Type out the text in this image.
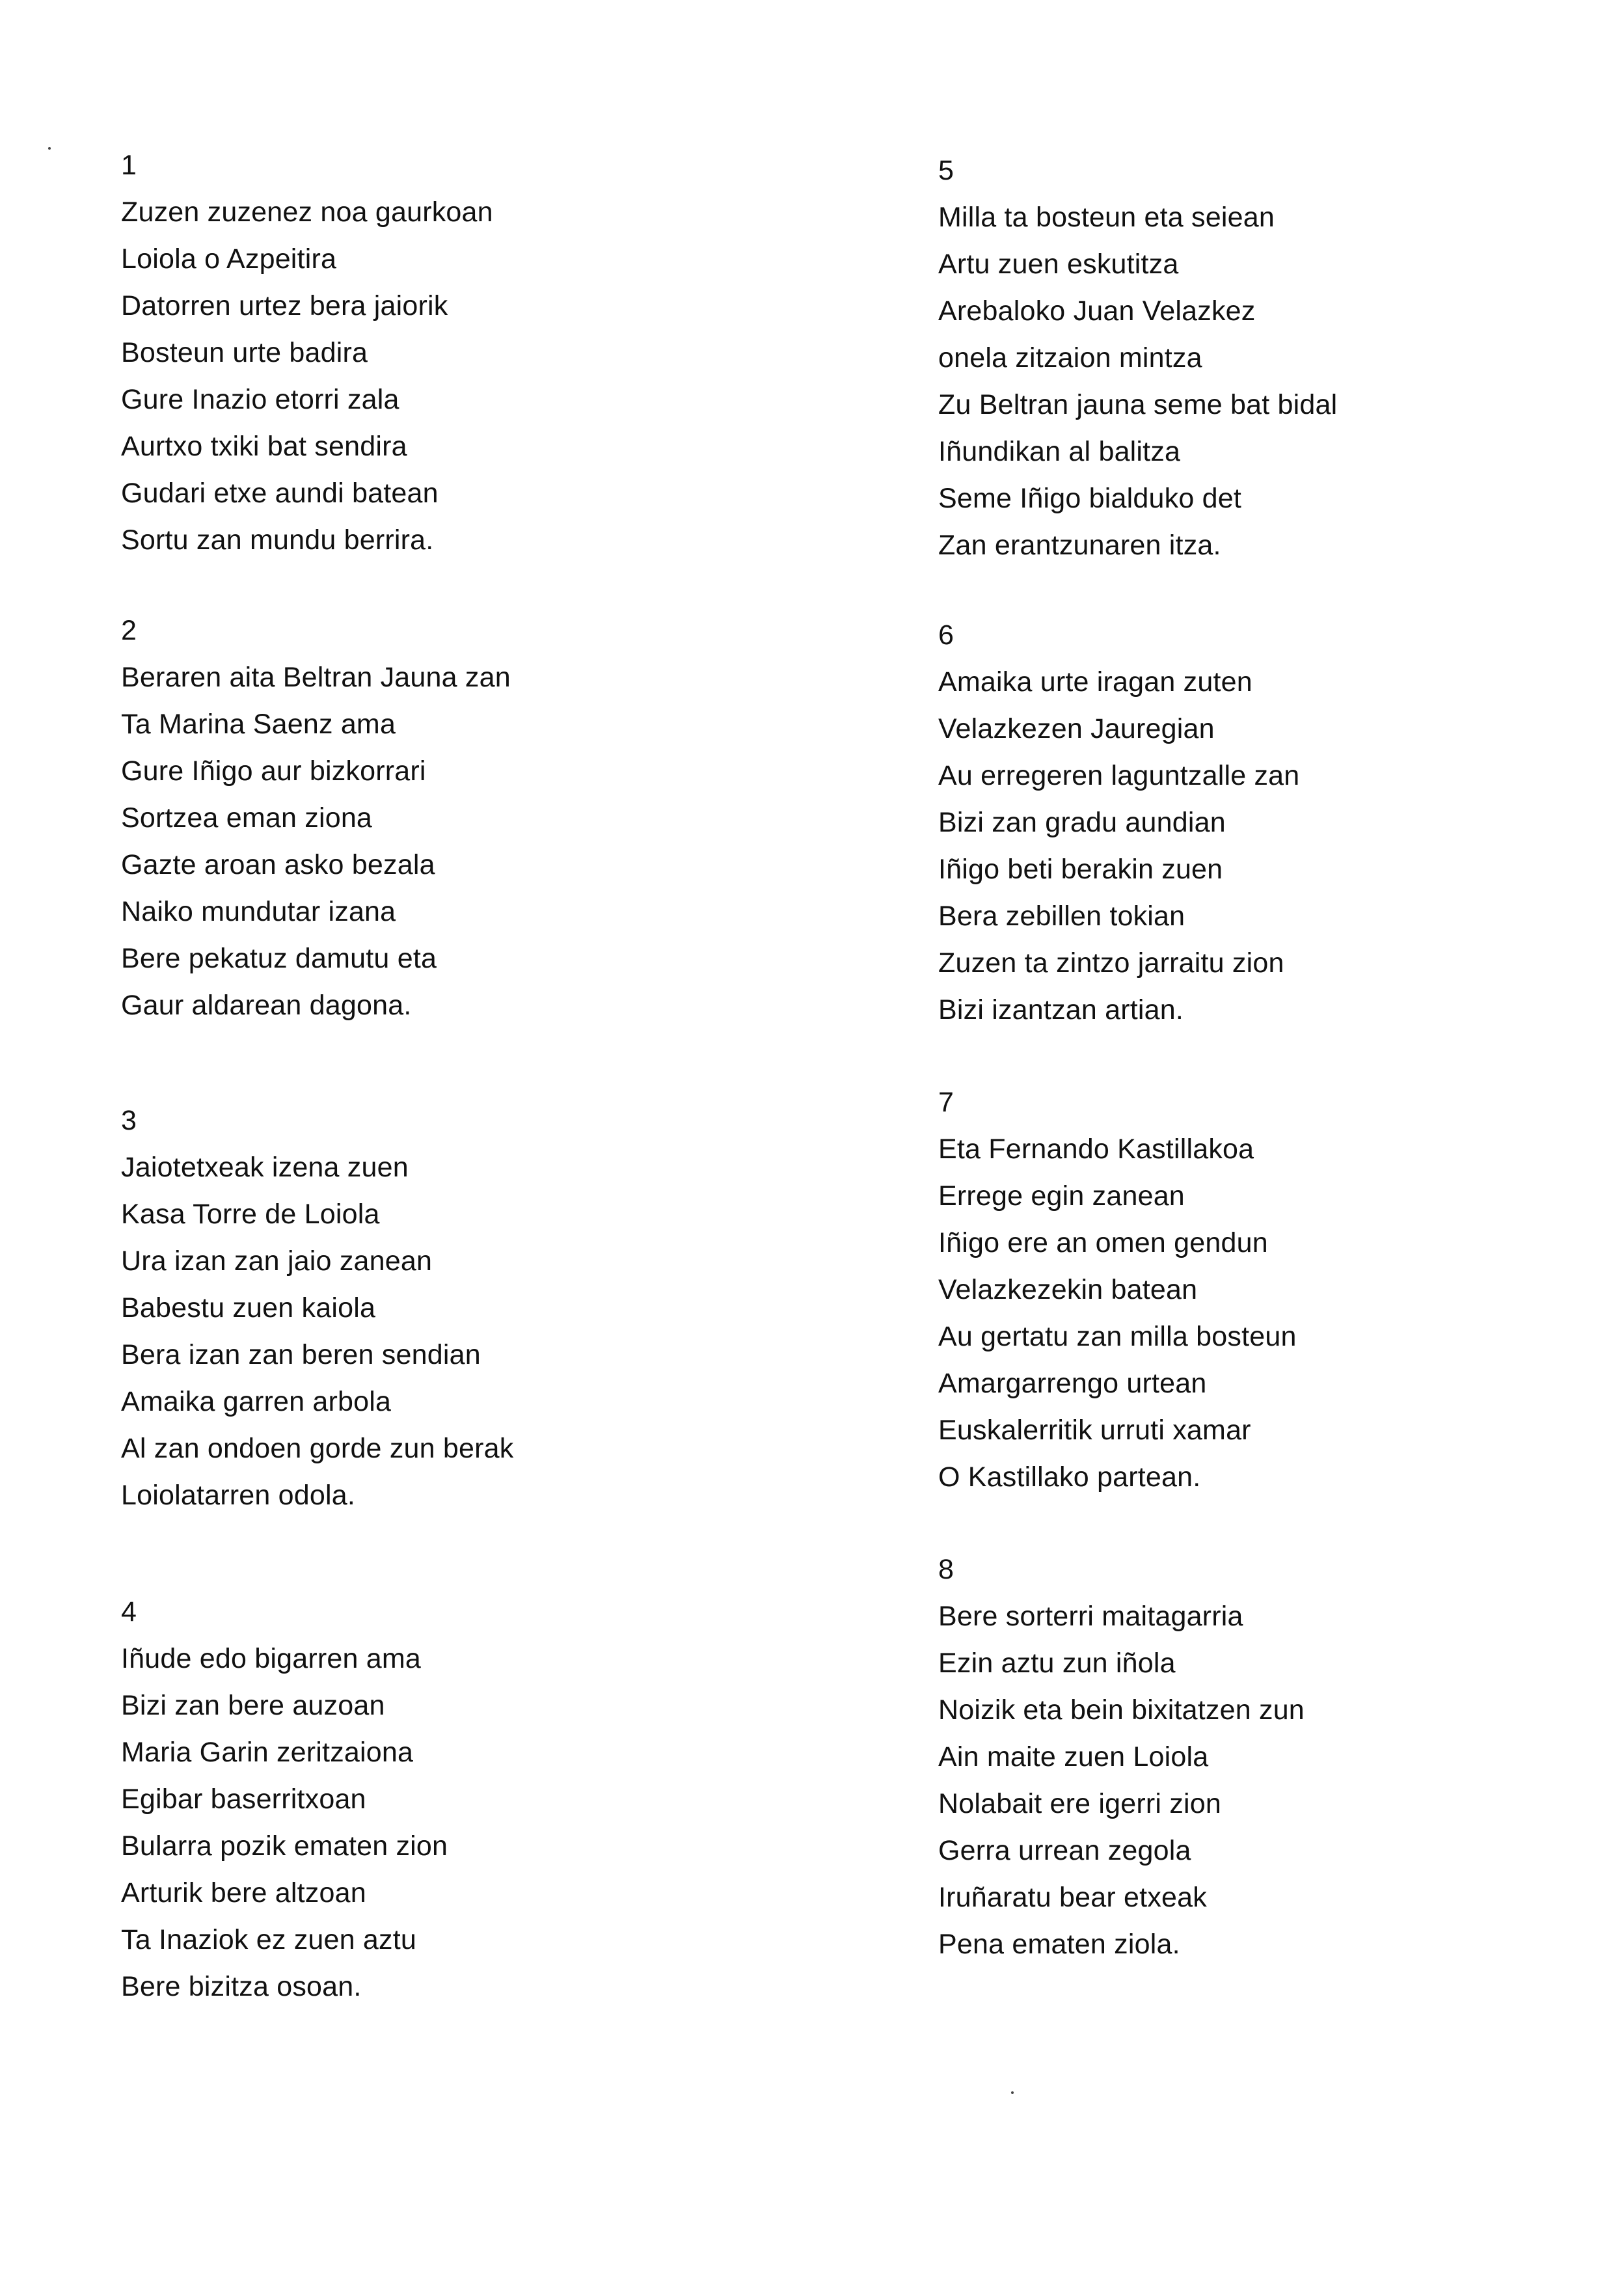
1

Zuzen zuzenez noa gaurkoan

Loiola o Azpeitira

Datorren urtez bera jaiorik

Bosteun urte badira

Gure Inazio etorri zala

Aurtxo txiki bat sendira

Gudari etxe aundi batean

Sortu zan mundu berrira.

2

Beraren aita Beltran Jauna zan

Ta Marina Saenz ama

Gure Iñigo aur bizkorrari

Sortzea eman ziona

Gazte aroan asko bezala

Naiko mundutar izana

Bere pekatuz damutu eta

Gaur aldarean dagona.

3

Jaiotetxeak izena zuen

Kasa Torre de Loiola

Ura izan zan jaio zanean

Babestu zuen kaiola

Bera izan zan beren sendian

Amaika garren arbola

Al zan ondoen gorde zun berak

Loiolatarren odola.

4

Iñude edo bigarren ama

Bizi zan bere auzoan

Maria Garin zeritzaiona

Egibar baserritxoan

Bularra pozik ematen zion

Arturik bere altzoan

Ta Inaziok ez zuen aztu

Bere bizitza osoan.

5

Milla ta bosteun eta seiean

Artu zuen eskutitza

Arebaloko Juan Velazkez

onela zitzaion mintza

Zu Beltran jauna seme bat bidal

Iñundikan al balitza

Seme Iñigo bialduko det

Zan erantzunaren itza.

6

Amaika urte iragan zuten

Velazkezen Jauregian

Au erregeren laguntzalle zan

Bizi zan gradu aundian

Iñigo beti berakin zuen

Bera zebillen tokian

Zuzen ta zintzo jarraitu zion

Bizi izantzan artian.

7

Eta Fernando Kastillakoa

Errege egin zanean

Iñigo ere an omen gendun

Velazkezekin batean

Au gertatu zan milla bosteun

Amargarrengo urtean

Euskalerritik urruti xamar

O Kastillako partean.

8

Bere sorterri maitagarria

Ezin aztu zun iñola

Noizik eta bein bixitatzen zun

Ain maite zuen Loiola

Nolabait ere igerri zion

Gerra urrean zegola

Iruñaratu bear etxeak

Pena ematen ziola.
